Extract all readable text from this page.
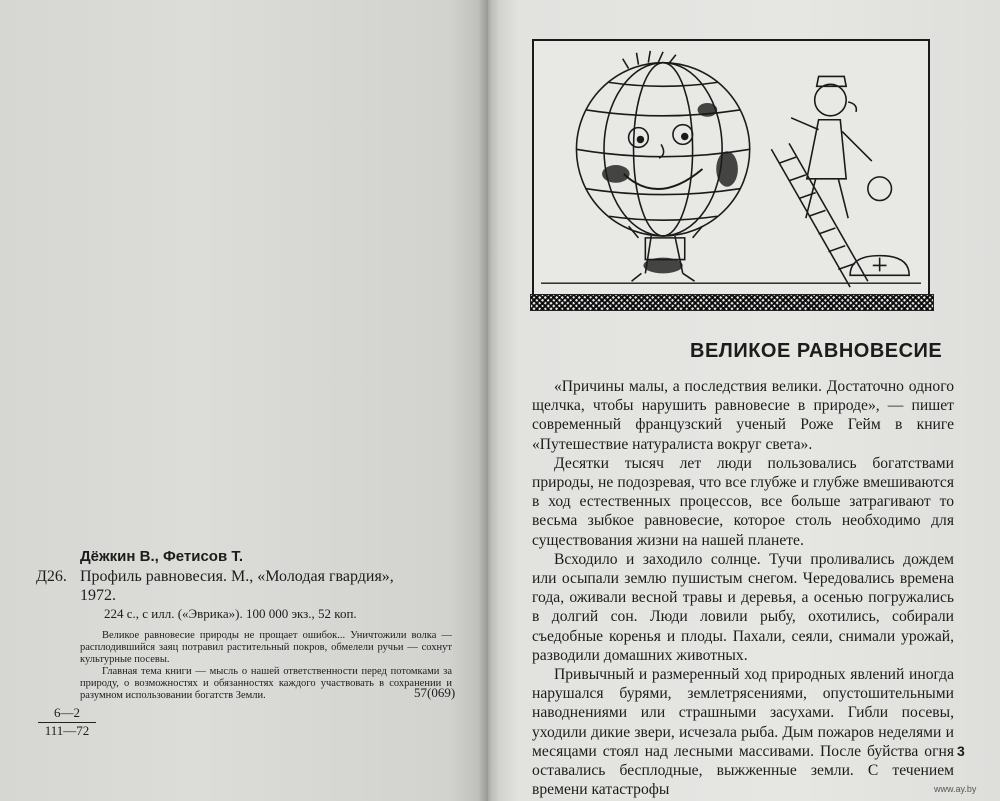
Дёжкин В., Фетисов Т.
Д26. Профиль равновесия. М., «Молодая гвардия»,
1972.
224 с., с илл. («Эврика»). 100 000 экз., 52 коп.

Великое равновесие природы не прощает ошибок... Уничтожили волка — расплодившийся заяц потравил растительный покров, обмелели ручьи — сохнут культурные посевы.

Главная тема книги — мысль о нашей ответственности перед потомками за природу, о возможностях и обязанностях каждого участвовать в сохранении и разумном использовании богатств Земли.	57(069)
$\frac{6—2}{111—72}$
ВЕЛИКОЕ РАВНОВЕСИЕ

«Причины малы, а последствия велики. Достаточно одного щелчка, чтобы нарушить равновесие в природе», — пишет современный французский ученый Роже Гейм в книге «Путешествие натуралиста вокруг света».

Десятки тысяч лет люди пользовались богатствами природы, не подозревая, что все глубже и глубже вмешиваются в ход естественных процессов, все больше затрагивают то весьма зыбкое равновесие, которое столь необходимо для существования жизни на нашей планете.

Всходило и заходило солнце. Тучи проливались дождем или осыпали землю пушистым снегом. Чередовались времена года, оживали весной травы и деревья, а осенью погружались в долгий сон. Люди ловили рыбу, охотились, собирали съедобные коренья и плоды. Пахали, сеяли, снимали урожай, разводили домашних животных.

Привычный и размеренный ход природных явлений иногда нарушался бурями, землетрясениями, опустошительными наводнениями или страшными засухами. Гибли посевы, уходили дикие звери, исчезала рыба. Дым пожаров неделями и месяцами стоял над лесными массивами. После буйства огня оставались бесплодные, выжженные земли. С течением времени катастрофы

3
www.ay.by
